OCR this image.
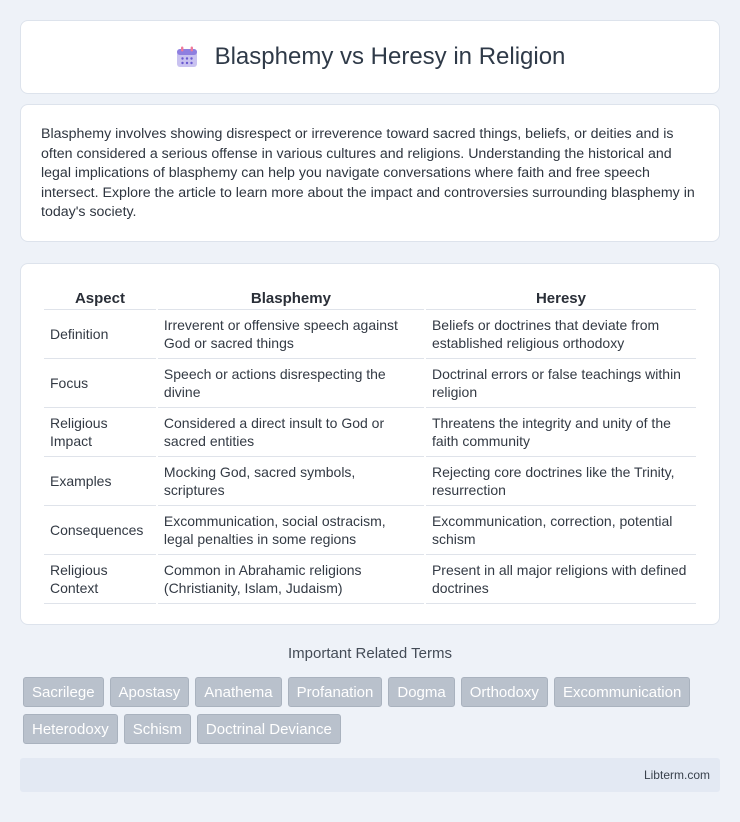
Blasphemy vs Heresy in Religion

Blasphemy involves showing disrespect or irreverence toward sacred things, beliefs, or deities and is often considered a serious offense in various cultures and religions. Understanding the historical and legal implications of blasphemy can help you navigate conversations where faith and free speech intersect. Explore the article to learn more about the impact and controversies surrounding blasphemy in today's society.

Aspect	Blasphemy	Heresy
Definition	Irreverent or offensive speech against God or sacred things	Beliefs or doctrines that deviate from established religious orthodoxy
Focus	Speech or actions disrespecting the divine	Doctrinal errors or false teachings within religion
Religious Impact	Considered a direct insult to God or sacred entities	Threatens the integrity and unity of the faith community
Examples	Mocking God, sacred symbols, scriptures	Rejecting core doctrines like the Trinity, resurrection
Consequences	Excommunication, social ostracism, legal penalties in some regions	Excommunication, correction, potential schism
Religious Context	Common in Abrahamic religions (Christianity, Islam, Judaism)	Present in all major religions with defined doctrines
Important Related Terms
Sacrilege	Apostasy	Anathema	Profanation	Dogma	Orthodoxy	Excommunication
Heterodoxy	Schism	Doctrinal Deviance
Libterm.com
